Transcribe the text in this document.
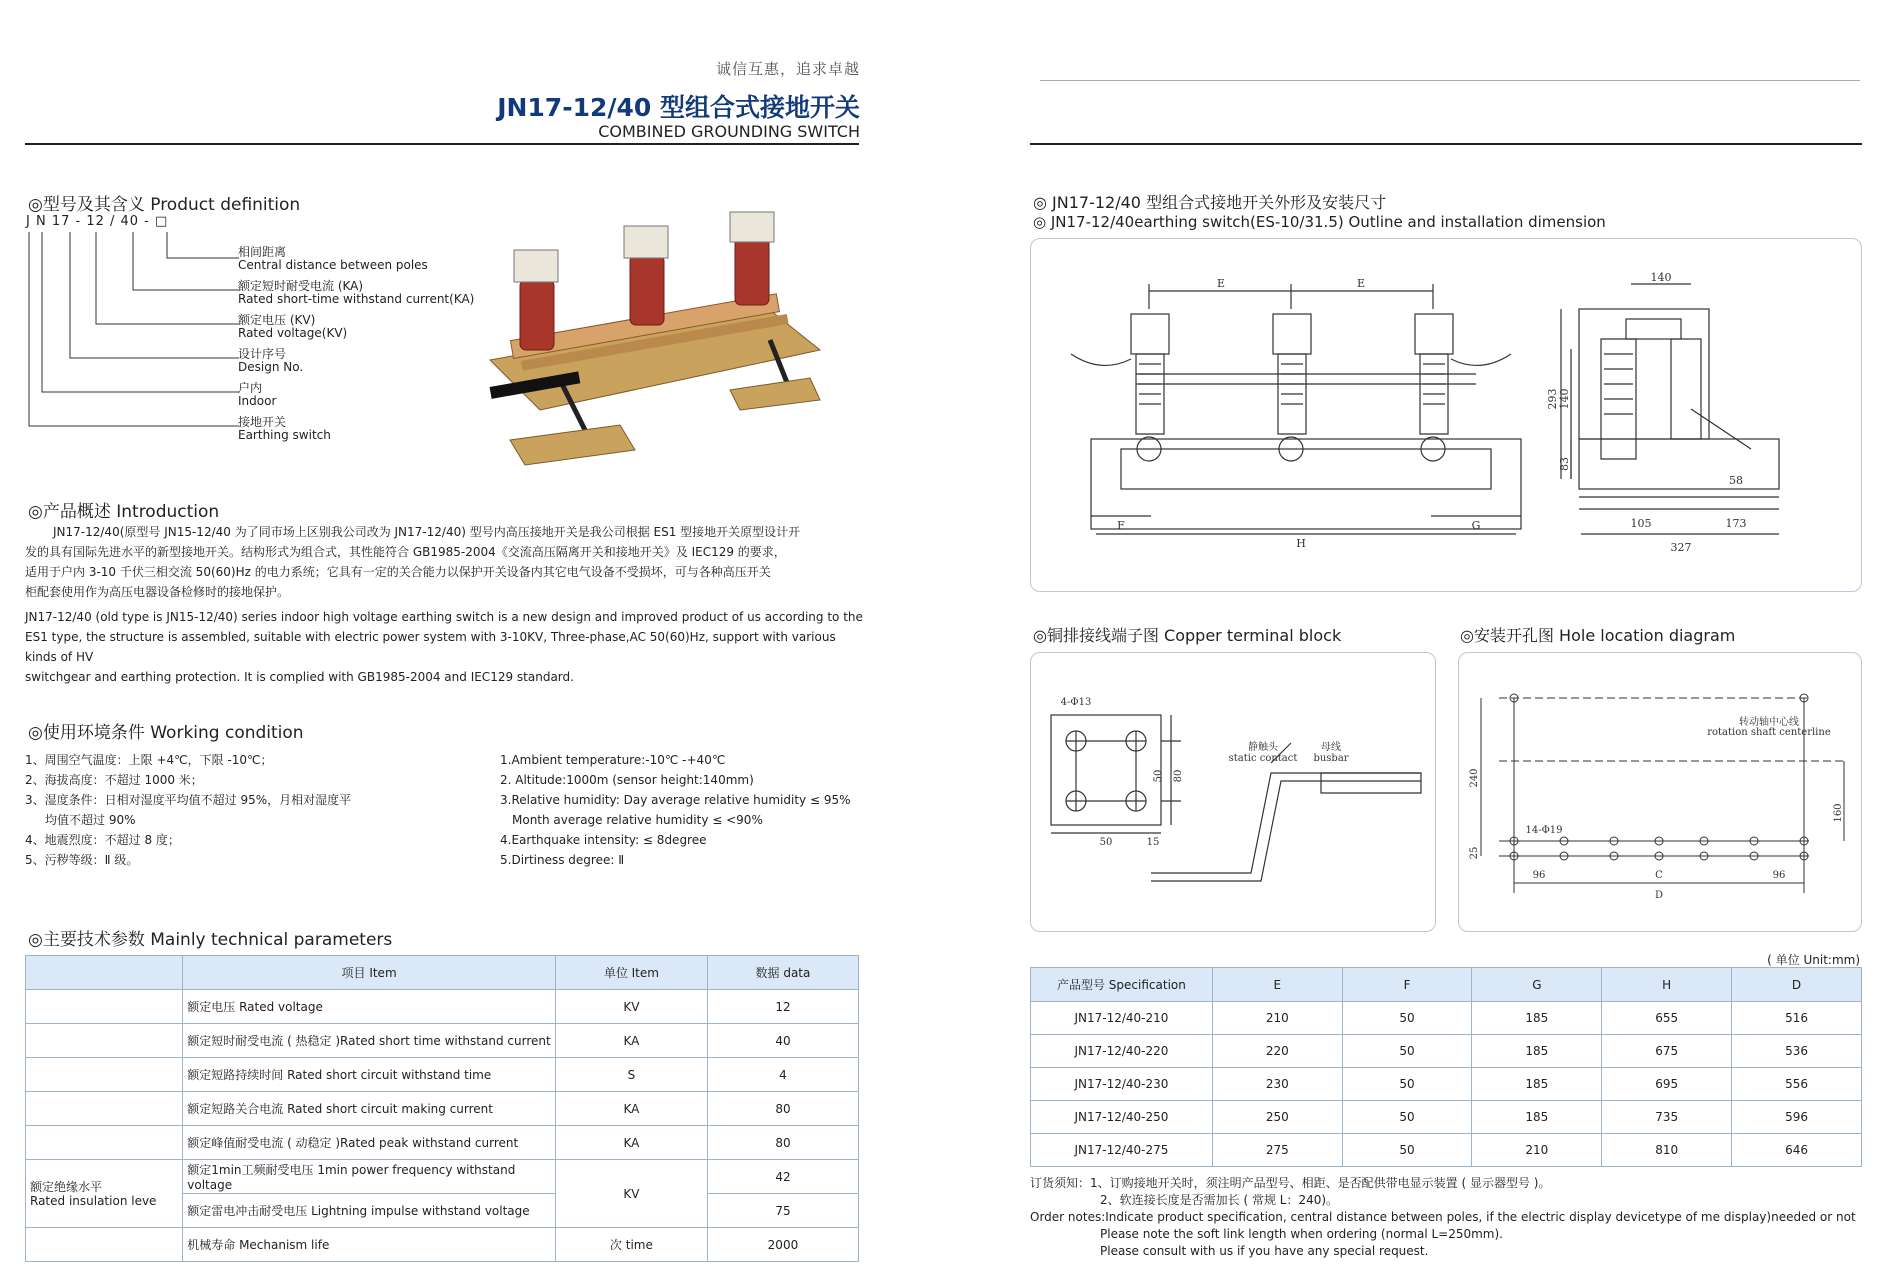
诚信互惠，追求卓越
JN17-12/40 型组合式接地开关
COMBINED GROUNDING SWITCH
◎型号及其含义 Product definition
J N 17 - 12 / 40 - □
相间距离
Central distance between poles
额定短时耐受电流 (KA)
Rated short-time withstand current(KA)
额定电压 (KV)
Rated voltage(KV)
设计序号
Design No.
户内
Indoor
接地开关
Earthing switch
◎产品概述 Introduction
JN17-12/40(原型号 JN15-12/40 为了同市场上区别我公司改为 JN17-12/40) 型号内高压接地开关是我公司根据 ES1 型接地开关原型设计开
发的具有国际先进水平的新型接地开关。结构形式为组合式，其性能符合 GB1985-2004《交流高压隔离开关和接地开关》及 IEC129 的要求，
适用于户内 3-10 千伏三相交流 50(60)Hz 的电力系统；它具有一定的关合能力以保护开关设备内其它电气设备不受损坏，可与各种高压开关
柜配套使用作为高压电器设备检修时的接地保护。
JN17-12/40 (old type is JN15-12/40) series indoor high voltage earthing switch is a new design and improved product of us according to the
ES1 type, the structure is assembled, suitable with electric power system with 3-10KV, Three-phase,AC 50(60)Hz, support with various kinds of HV
switchgear and earthing protection. It is complied with GB1985-2004 and IEC129 standard.
◎使用环境条件 Working condition
1、周围空气温度：上限 +4℃，下限 -10℃；
2、海拔高度：不超过 1000 米；
3、湿度条件：日相对湿度平均值不超过 95%，月相对湿度平
均值不超过 90%
4、地震烈度：不超过 8 度；
5、污秽等级：Ⅱ 级。
1.Ambient temperature:-10℃ -+40℃
2. Altitude:1000m (sensor height:140mm)
3.Relative humidity: Day average relative humidity ≤ 95%
Month average relative humidity ≤ <90%
4.Earthquake intensity: ≤ 8degree
5.Dirtiness degree: Ⅱ
◎主要技术参数 Mainly technical parameters
	项目 Item	单位 Item	数据 data
	额定电压 Rated voltage	KV	12
	额定短时耐受电流 ( 热稳定 )Rated short time withstand current	KA	40
	额定短路持续时间 Rated short circuit withstand time	S	4
	额定短路关合电流 Rated short circuit making current	KA	80
	额定峰值耐受电流 ( 动稳定 )Rated peak withstand current	KA	80

额定绝缘水平
Rated insulation leve	额定1min工频耐受电压 1min power frequency withstand voltage	KV	42
	额定雷电冲击耐受电压 Lightning impulse withstand voltage		75
	机械寿命 Mechanism life	次 time	2000
◎ JN17-12/40 型组合式接地开关外形及安装尺寸
◎ JN17-12/40earthing switch(ES-10/31.5) Outline and installation dimension
E	E
F	G
H
140
293 140
83
105	173
327
58
◎铜排接线端子图 Copper terminal block
4-Φ13
50	15
50 80
静触头
static contact
母线
busbar
◎安装开孔图 Hole location diagram
转动轴中心线
rotation shaft centerline
240
160
25
96	96
C
D
14-Φ19
( 单位 Unit:mm)
产品型号 Specification	E	F	G	H	D
JN17-12/40-210	210	50	185	655	516
JN17-12/40-220	220	50	185	675	536
JN17-12/40-230	230	50	185	695	556
JN17-12/40-250	250	50	185	735	596
JN17-12/40-275	275	50	210	810	646
订货须知：1、订购接地开关时，须注明产品型号、相距、是否配供带电显示装置 ( 显示器型号 )。
2、软连接长度是否需加长 ( 常规 L：240)。
Order notes:Indicate product specification, central distance between poles, if the electric display devicetype of me display)needed or not
Please note the soft link length when ordering (normal L=250mm).
Please consult with us if you have any special request.
